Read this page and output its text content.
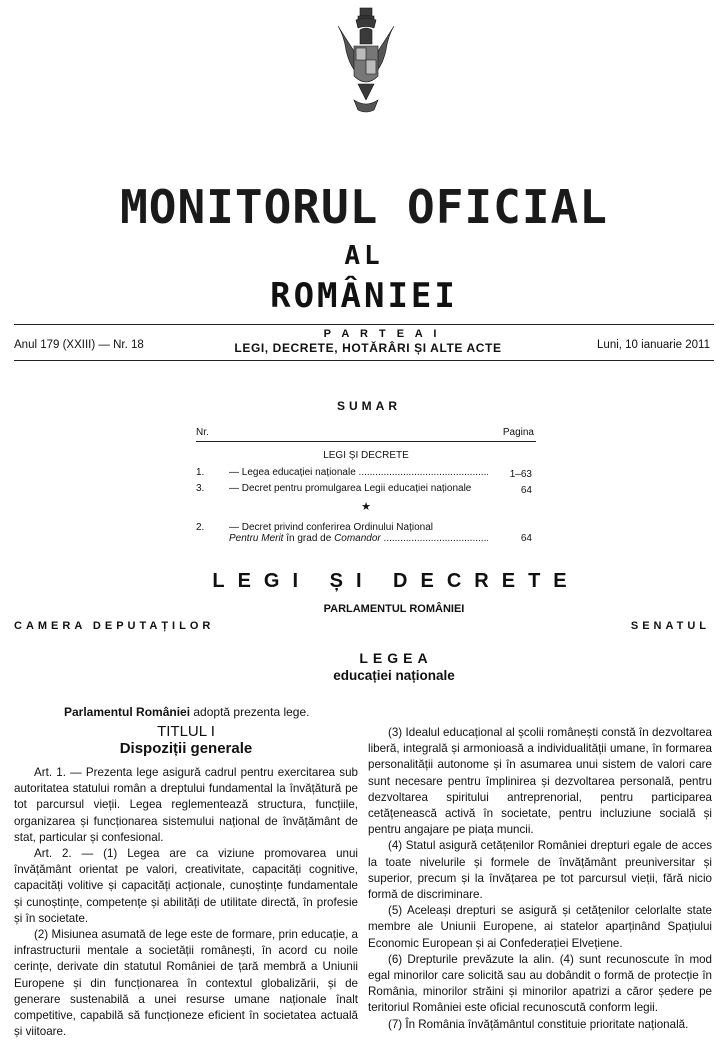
MONITORUL OFICIAL
AL
ROMÂNIEI
Anul 179 (XXIII) — Nr. 18
P A R T E A I
LEGI, DECRETE, HOTĂRÂRI ȘI ALTE ACTE	Luni, 10 ianuarie 2011
SUMAR
Nr.	Pagina
LEGI ȘI DECRETE
1.	— Legea educației naționale .....	1–63
3.	— Decret pentru promulgarea Legii educației naționale	64
★
2.	— Decret privind conferirea Ordinului Național
Pentru Merit în grad de Comandor .....	64
LEGI ȘI DECRETE
PARLAMENTUL ROMÂNIEI
CAMERA DEPUTAȚILOR	SENATUL
LEGEA
educației naționale
Parlamentul României adoptă prezenta lege.
TITLUL I
Dispoziții generale

Art. 1. — Prezenta lege asigură cadrul pentru exercitarea sub autoritatea statului român a dreptului fundamental la învățătură pe tot parcursul vieții. Legea reglementează structura, funcțiile, organizarea și funcționarea sistemului național de învățământ de stat, particular și confesional.

Art. 2. — (1) Legea are ca viziune promovarea unui învățământ orientat pe valori, creativitate, capacități cognitive, capacități volitive și capacități acționale, cunoștințe fundamentale și cunoștințe, competențe și abilități de utilitate directă, în profesie și în societate.

(2) Misiunea asumată de lege este de formare, prin educație, a infrastructurii mentale a societății românești, în acord cu noile cerințe, derivate din statutul României de țară membră a Uniunii Europene și din funcționarea în contextul globalizării, și de generare sustenabilă a unei resurse umane naționale înalt competitive, capabilă să funcționeze eficient în societatea actuală și viitoare.

(3) Idealul educațional al școlii românești constă în dezvoltarea liberă, integrală și armonioasă a individualității umane, în formarea personalității autonome și în asumarea unui sistem de valori care sunt necesare pentru împlinirea și dezvoltarea personală, pentru dezvoltarea spiritului antreprenorial, pentru participarea cetățenească activă în societate, pentru incluziune socială și pentru angajare pe piața muncii.

(4) Statul asigură cetățenilor României drepturi egale de acces la toate nivelurile și formele de învățământ preuniversitar și superior, precum și la învățarea pe tot parcursul vieții, fără nicio formă de discriminare.

(5) Aceleași drepturi se asigură și cetățenilor celorlalte state membre ale Uniunii Europene, ai statelor aparținând Spațiului Economic European și ai Confederației Elvețiene.

(6) Drepturile prevăzute la alin. (4) sunt recunoscute în mod egal minorilor care solicită sau au dobândit o formă de protecție în România, minorilor străini și minorilor apatrizi a căror ședere pe teritoriul României este oficial recunoscută conform legii.

(7) În România învățământul constituie prioritate națională.
